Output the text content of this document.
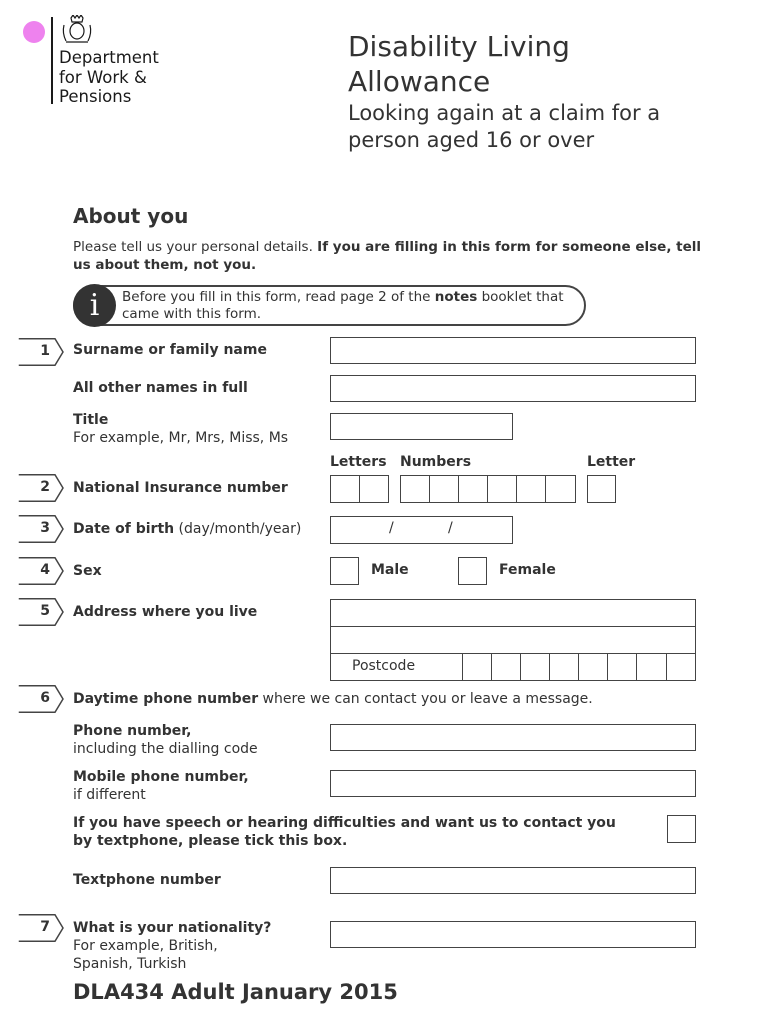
Department
for Work &
Pensions
Disability Living
Allowance
Looking again at a claim for a
person aged 16 or over
About you
Please tell us your personal details. If you are filling in this form for someone else, tell us about them, not you.
i	Before you fill in this form, read page 2 of the notes booklet that came with this form.
1 Surname or family name
All other names in full
Title
For example, Mr, Mrs, Miss, Ms
Letters Numbers	Letter
2 National Insurance number
3 Date of birth (day/month/year)	/	/
4 Sex	Male	Female
5 Address where you live
Postcode
6 Daytime phone number where we can contact you or leave a message.
Phone number,
including the dialling code
Mobile phone number,
if different
If you have speech or hearing difficulties and want us to contact you
by textphone, please tick this box.
Textphone number
7 What is your nationality?
For example, British,
Spanish, Turkish
DLA434 Adult January 2015
